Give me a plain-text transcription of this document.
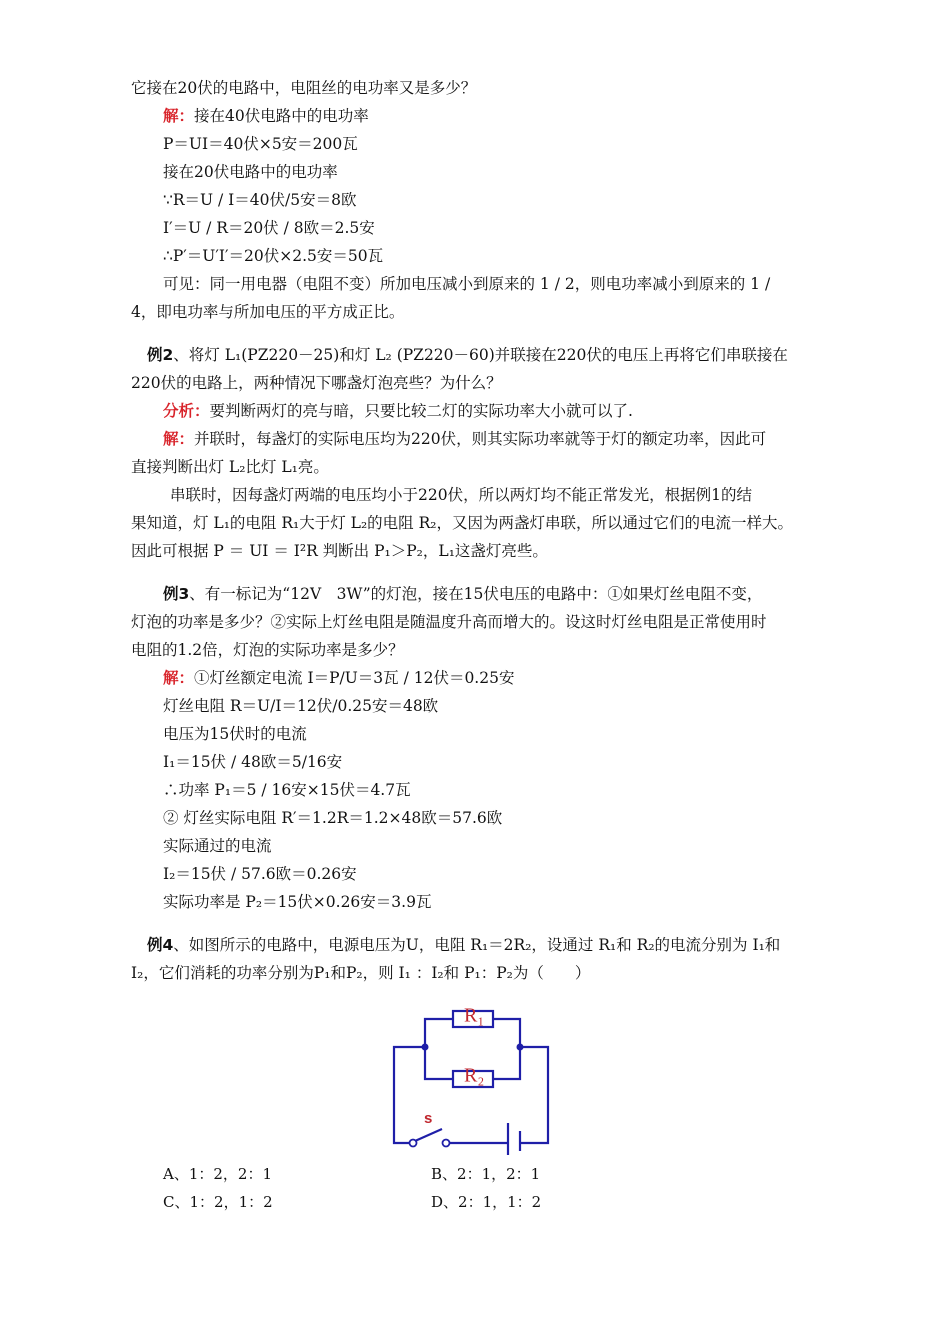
它接在20伏的电路中，电阻丝的电功率又是多少？
解：接在40伏电路中的电功率
P＝UI＝40伏×5安＝200瓦
接在20伏电路中的电功率
∵R＝U / I＝40伏/5安＝8欧
I′＝U / R＝20伏 / 8欧＝2.5安
∴P′＝U′I′＝20伏×2.5安＝50瓦
可见：同一用电器（电阻不变）所加电压减小到原来的 1 / 2，则电功率减小到原来的 1 /
4，即电功率与所加电压的平方成正比。
例2、将灯 L₁(PZ220－25)和灯 L₂ (PZ220－60)并联接在220伏的电压上再将它们串联接在
220伏的电路上，两种情况下哪盏灯泡亮些？为什么？
分析：要判断两灯的亮与暗，只要比较二灯的实际功率大小就可以了.
解：并联时，每盏灯的实际电压均为220伏，则其实际功率就等于灯的额定功率，因此可
直接判断出灯 L₂比灯 L₁亮。
串联时，因每盏灯两端的电压均小于220伏，所以两灯均不能正常发光，根据例1的结
果知道，灯 L₁的电阻 R₁大于灯 L₂的电阻 R₂，又因为两盏灯串联，所以通过它们的电流一样大。
因此可根据 P ＝ UI ＝ I²R 判断出 P₁＞P₂，L₁这盏灯亮些。
例3、有一标记为“12V　3W”的灯泡，接在15伏电压的电路中：①如果灯丝电阻不变，
灯泡的功率是多少？②实际上灯丝电阻是随温度升高而增大的。设这时灯丝电阻是正常使用时
电阻的1.2倍，灯泡的实际功率是多少？
解：①灯丝额定电流 I＝P/U＝3瓦 / 12伏＝0.25安
灯丝电阻 R＝U/I＝12伏/0.25安＝48欧
电压为15伏时的电流
I₁＝15伏 / 48欧＝5/16安
∴功率 P₁＝5 / 16安×15伏＝4.7瓦
② 灯丝实际电阻 R′＝1.2R＝1.2×48欧＝57.6欧
实际通过的电流
I₂＝15伏 / 57.6欧＝0.26安
实际功率是 P₂＝15伏×0.26安＝3.9瓦
例4、如图所示的电路中，电源电压为U，电阻 R₁＝2R₂，设通过 R₁和 R₂的电流分别为 I₁和
I₂，它们消耗的功率分别为P₁和P₂，则 I₁ ：I₂和 P₁：P₂为（　　）
R₁
R₂
s
A、1：2，2：1	B、2：1，2：1
C、1：2，1：2	D、2：1，1：2
